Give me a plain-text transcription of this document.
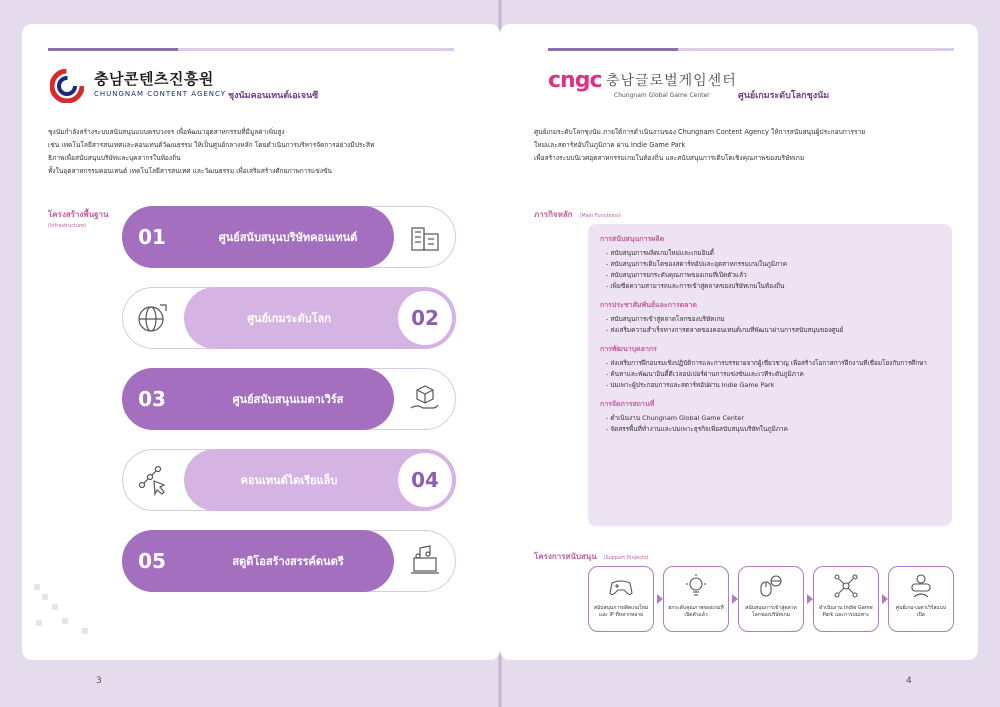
충남콘텐츠진흥원
CHUNGNAM CONTENT AGENCY ชุงนัมคอนเทนต์เอเจนซี

ชุงนัมกำลังสร้างระบบสนับสนุนแบบครบวงจร เพื่อพัฒนาอุตสาหกรรมที่มีมูลค่าเพิ่มสูง

เช่น เทคโนโลยีสารสนเทศและคอนเทนต์วัฒนธรรม ให้เป็นศูนย์กลางหลัก โดยดำเนินการบริหารจัดการอย่างมีประสิท

ธิภาพเพื่อสนับสนุนบริษัทและบุคลากรในท้องถิ่น

ทั้งในอุตสาหกรรมคอนเทนต์ เทคโนโลยีสารสนเทศ และวัฒนธรรม เพื่อเสริมสร้างศักยภาพการแข่งขัน

โครงสร้างพื้นฐาน
(Infrastructure)	01	ศูนย์สนับสนุนบริษัทคอนเทนต์
ศูนย์เกมระดับโลก	02
03	ศูนย์สนับสนุนเมตาเวิร์ส
คอนเทนต์ไดเรียแล็บ	04
05	สตูดิโอสร้างสรรค์ดนตรี
3
cngc 충남글로벌게임센터
Chungnam Global Game Center	ศูนย์เกมระดับโลกชุงนัม

ศูนย์เกมระดับโลกชุงนัม ภายใต้การดำเนินงานของ Chungnam Content Agency ให้การสนับสนุนผู้ประกอบการราย

ใหม่และสตาร์ทอัปในภูมิภาค ผ่าน Indie Game Park

เพื่อสร้างระบบนิเวศอุตสาหกรรมเกมในท้องถิ่น และสนับสนุนการเติบโตเชิงคุณภาพของบริษัทเกม

ภารกิจหลัก (Main Functions)
การสนับสนุนการผลิต
- สนับสนุนการผลิตเกมใหม่และเกมอินดี้
- สนับสนุนการเติบโตของสตาร์ทอัปและอุตสาหกรรมเกมในภูมิภาค
- สนับสนุนการยกระดับคุณภาพของเกมที่เปิดตัวแล้ว
- เพิ่มขีดความสามารถและการเข้าสู่ตลาดของบริษัทเกมในท้องถิ่น
การประชาสัมพันธ์และการตลาด
- สนับสนุนการเข้าสู่ตลาดโลกของบริษัทเกม
- ส่งเสริมความสำเร็จทางการตลาดของคอนเทนต์เกมที่พัฒนาผ่านการสนับสนุนของศูนย์
การพัฒนาบุคลากร
- ส่งเสริมการฝึกอบรมเชิงปฏิบัติการและการบรรยายจากผู้เชี่ยวชาญ เพื่อสร้างโอกาสการฝึกงานที่เชื่อมโยงกับการศึกษา
- ค้นหาและพัฒนาอินดี้ดีเวลอปเปอร์ผ่านการแข่งขันและเวทีระดับภูมิภาค
- บ่มเพาะผู้ประกอบการและสตาร์ทอัปผ่าน Indie Game Park
การจัดการสถานที่
- ดำเนินงาน Chungnam Global Game Center
- จัดสรรพื้นที่ทำงานและบ่มเพาะธุรกิจเพื่อสนับสนุนบริษัทในภูมิภาค
โครงการสนับสนุน (Support Projects)
สนับสนุนการผลิตเกมใหม่และ IP ที่หลากหลาย
ยกระดับคุณภาพของเกมที่เปิดตัวแล้ว
สนับสนุนการเข้าสู่ตลาดโลกของบริษัทเกม
ดำเนินงาน Indie Game Park และการบ่มเพาะ
ศูนย์เกม-เมตาเวิร์สแบบเปิด
4
